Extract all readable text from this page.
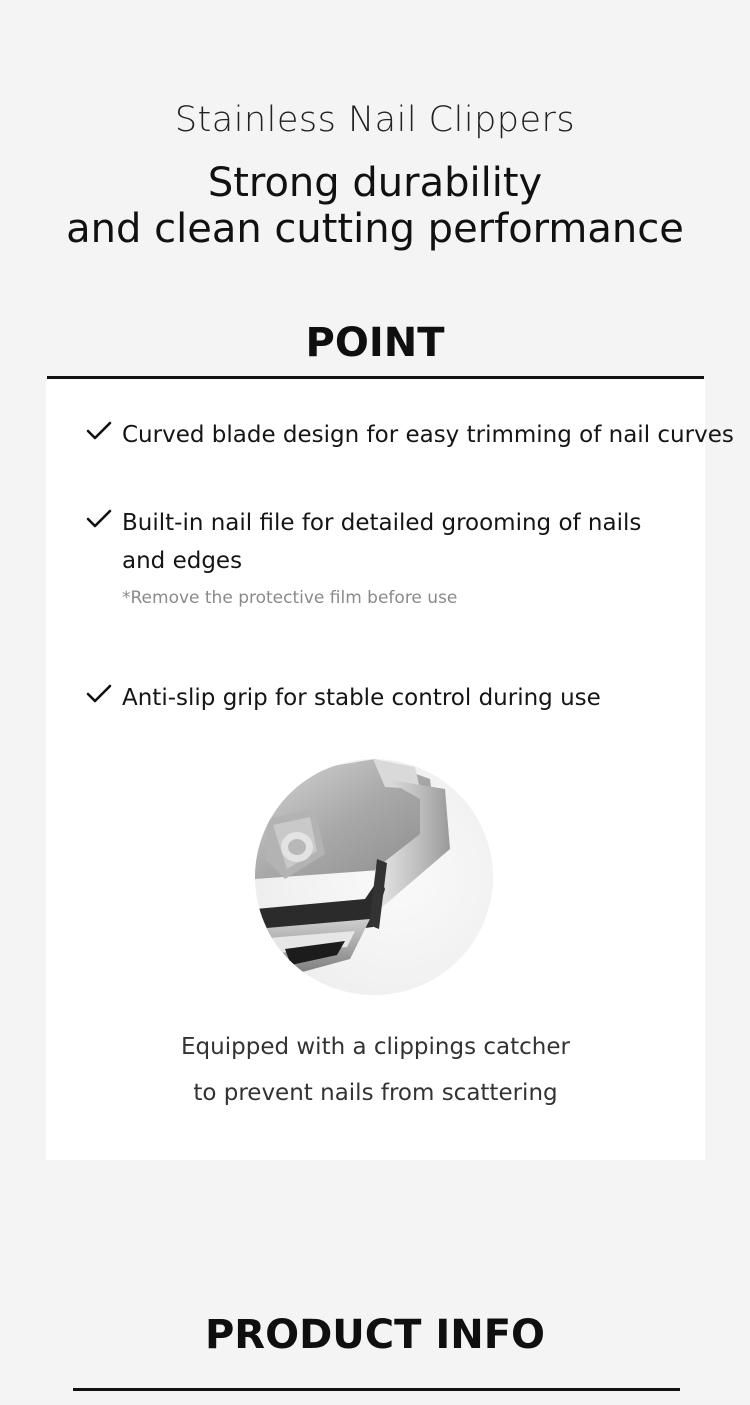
Stainless Nail Clippers
Strong durability
and clean cutting performance
POINT
Curved blade design for easy trimming of nail curves
Built-in nail file for detailed grooming of nails
and edges
*Remove the protective film before use
Anti-slip grip for stable control during use
Equipped with a clippings catcher
to prevent nails from scattering
PRODUCT INFO
